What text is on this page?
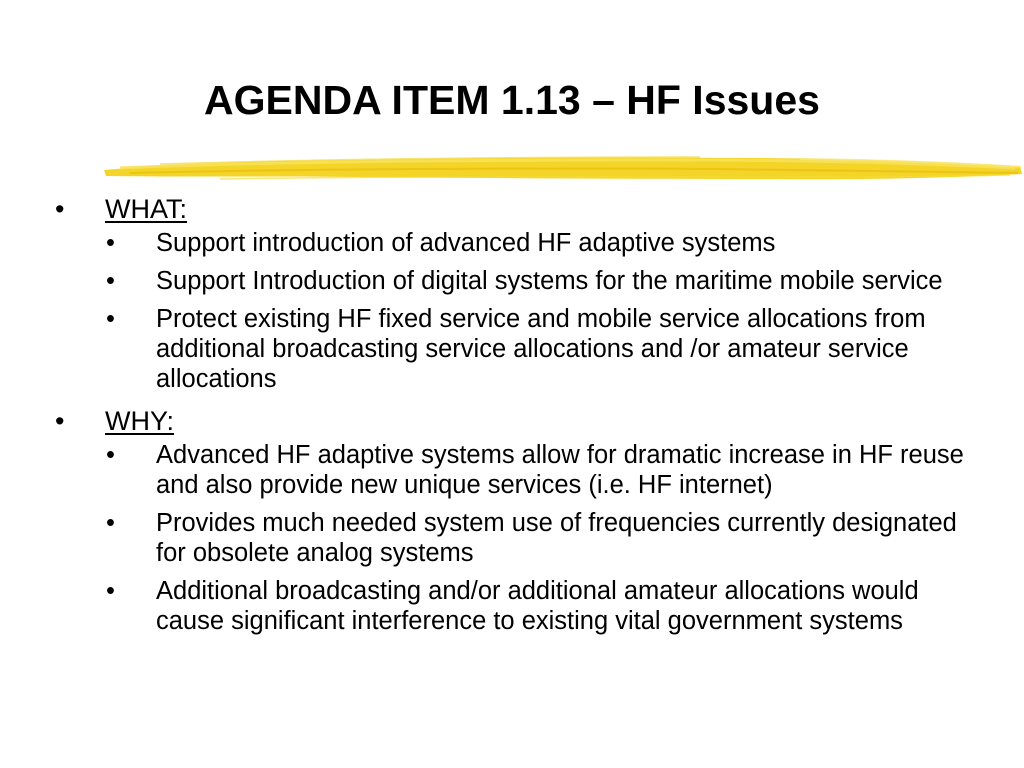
AGENDA ITEM 1.13 – HF Issues
• WHAT:
• Support introduction of advanced HF adaptive systems
• Support Introduction of digital systems for the maritime mobile service
• Protect existing HF fixed service and mobile service allocations from additional broadcasting service allocations and /or amateur service allocations
• WHY:
• Advanced HF adaptive systems allow for dramatic increase in HF reuse and also provide new unique services (i.e. HF internet)
• Provides much needed system use of frequencies currently designated for obsolete analog systems
• Additional broadcasting and/or additional amateur allocations would cause significant interference to existing vital government systems
